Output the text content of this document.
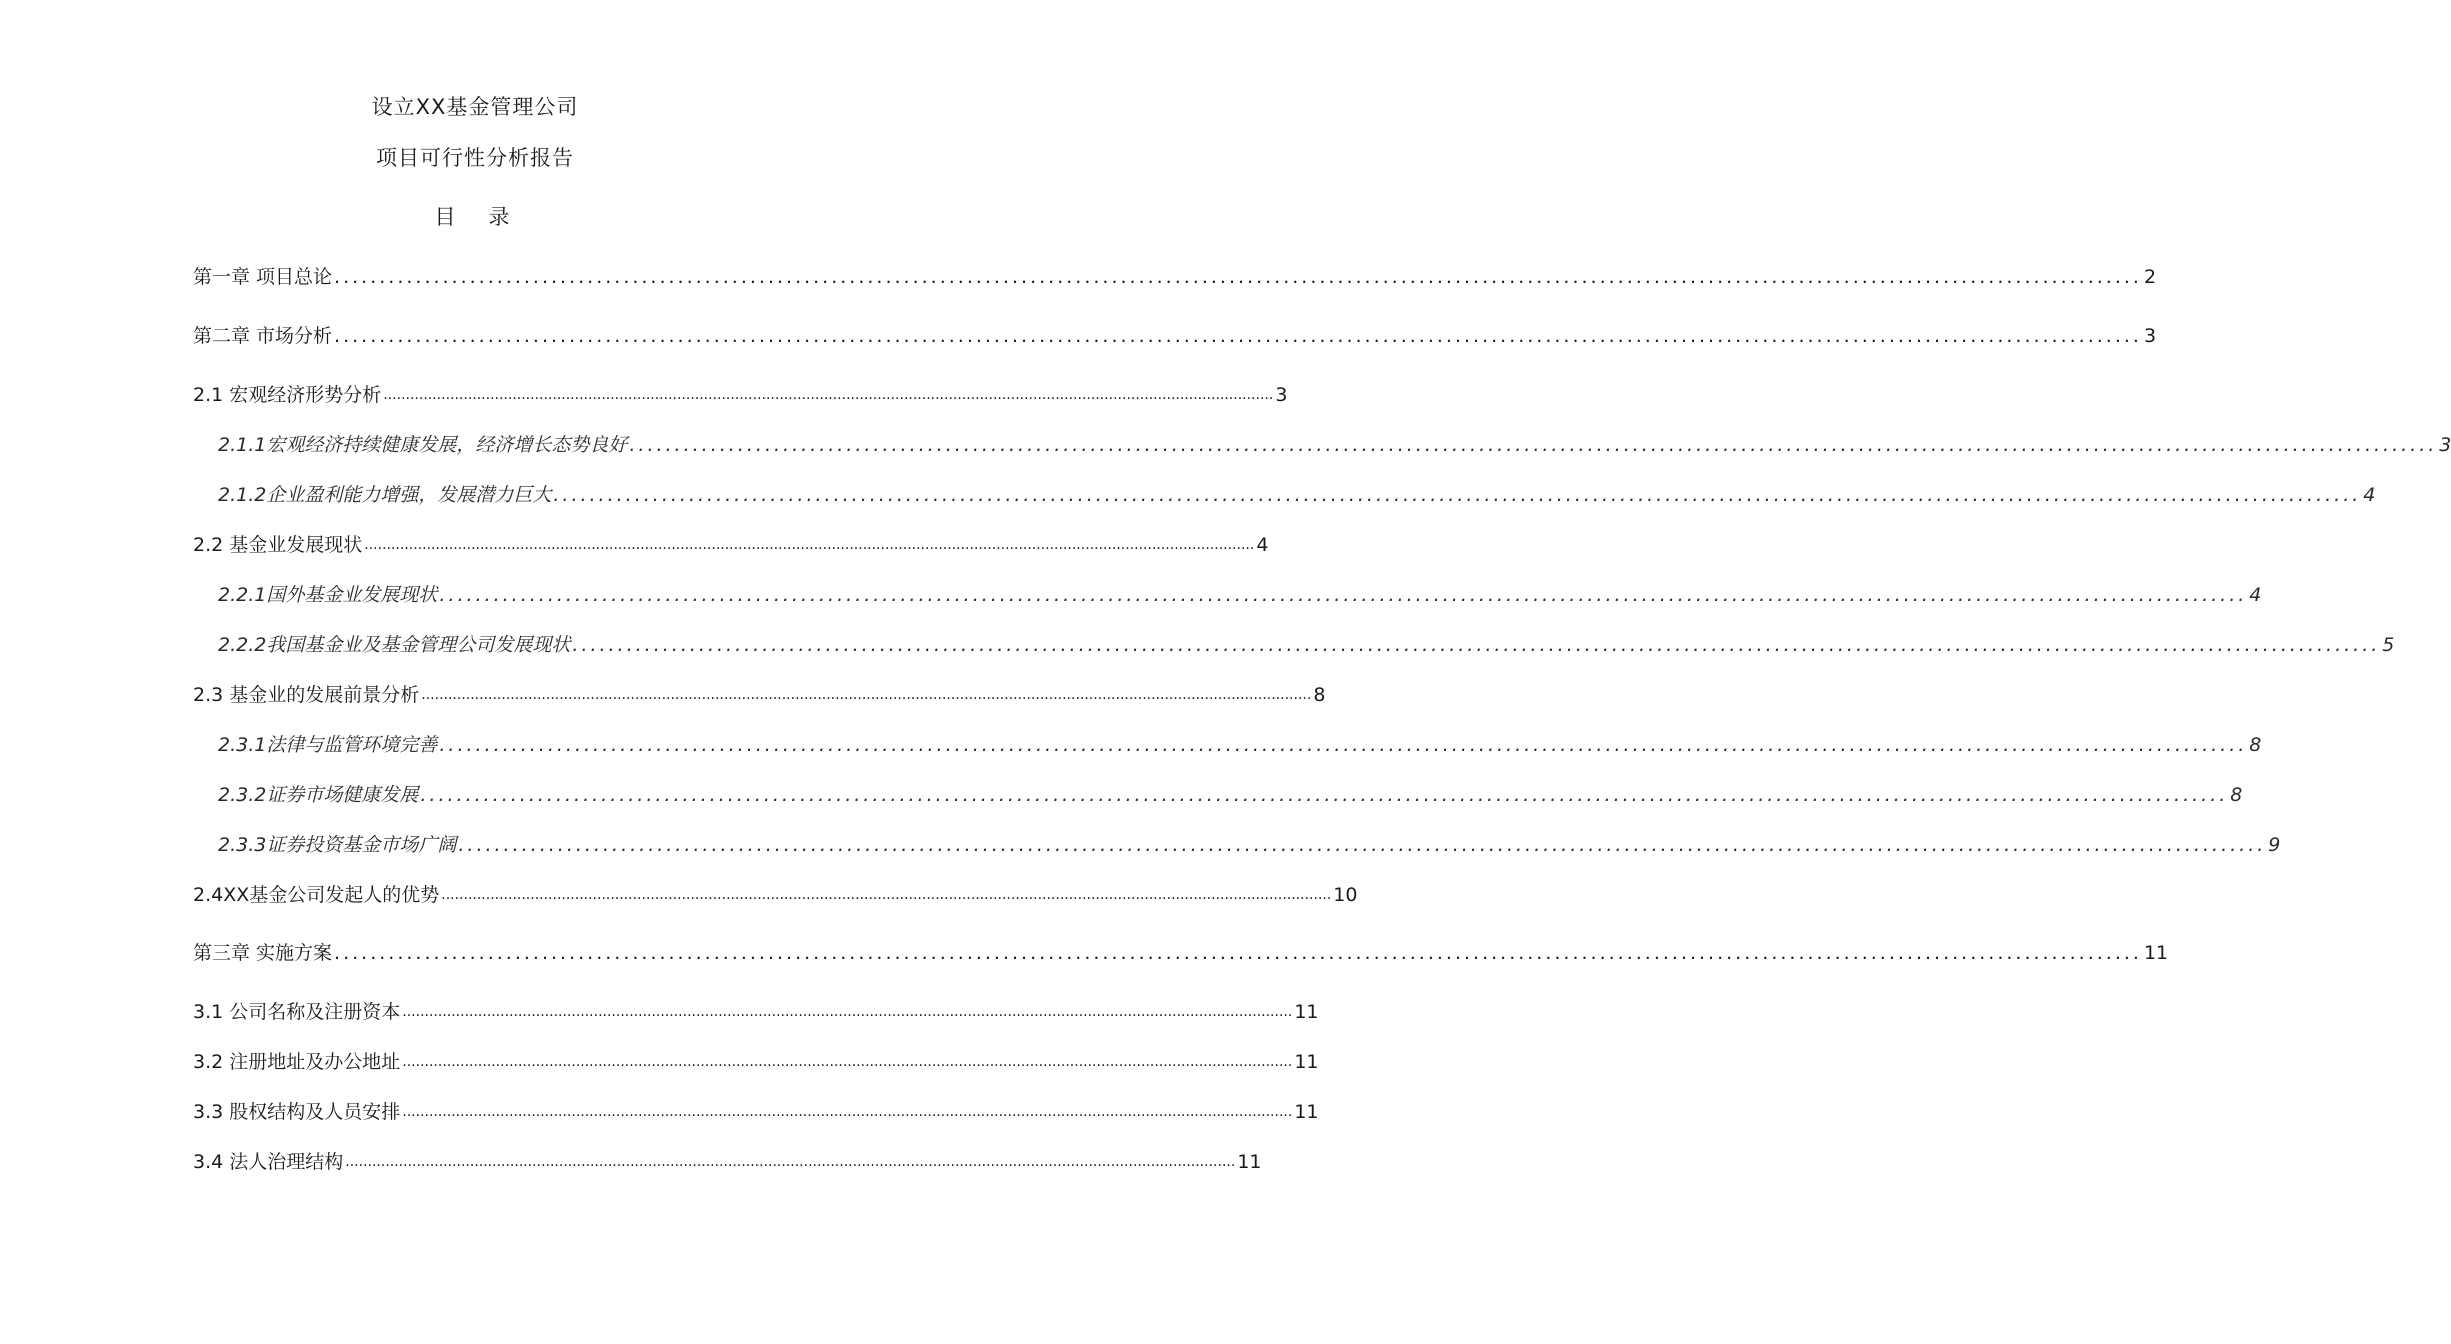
设立XX基金管理公司
项目可行性分析报告
目　录
第一章 项目总论 ........................................................................................................................................................................................................ 2
第二章 市场分析 ........................................................................................................................................................................................................ 3
2.1 宏观经济形势分析 ........................................................................................................................................................................................................ 3
2.1.1宏观经济持续健康发展，经济增长态势良好 ........................................................................................................................................................................................................ 3
2.1.2企业盈利能力增强，发展潜力巨大 ........................................................................................................................................................................................................ 4
2.2 基金业发展现状 ........................................................................................................................................................................................................ 4
2.2.1国外基金业发展现状 ........................................................................................................................................................................................................ 4
2.2.2我国基金业及基金管理公司发展现状 ........................................................................................................................................................................................................ 5
2.3 基金业的发展前景分析 ........................................................................................................................................................................................................ 8
2.3.1法律与监管环境完善 ........................................................................................................................................................................................................ 8
2.3.2证券市场健康发展 ........................................................................................................................................................................................................ 8
2.3.3证券投资基金市场广阔 ........................................................................................................................................................................................................ 9
2.4XX基金公司发起人的优势 ........................................................................................................................................................................................................ 10
第三章 实施方案 ........................................................................................................................................................................................................ 11
3.1 公司名称及注册资本 ........................................................................................................................................................................................................ 11
3.2 注册地址及办公地址 ........................................................................................................................................................................................................ 11
3.3 股权结构及人员安排 ........................................................................................................................................................................................................ 11
3.4 法人治理结构 ........................................................................................................................................................................................................ 11
